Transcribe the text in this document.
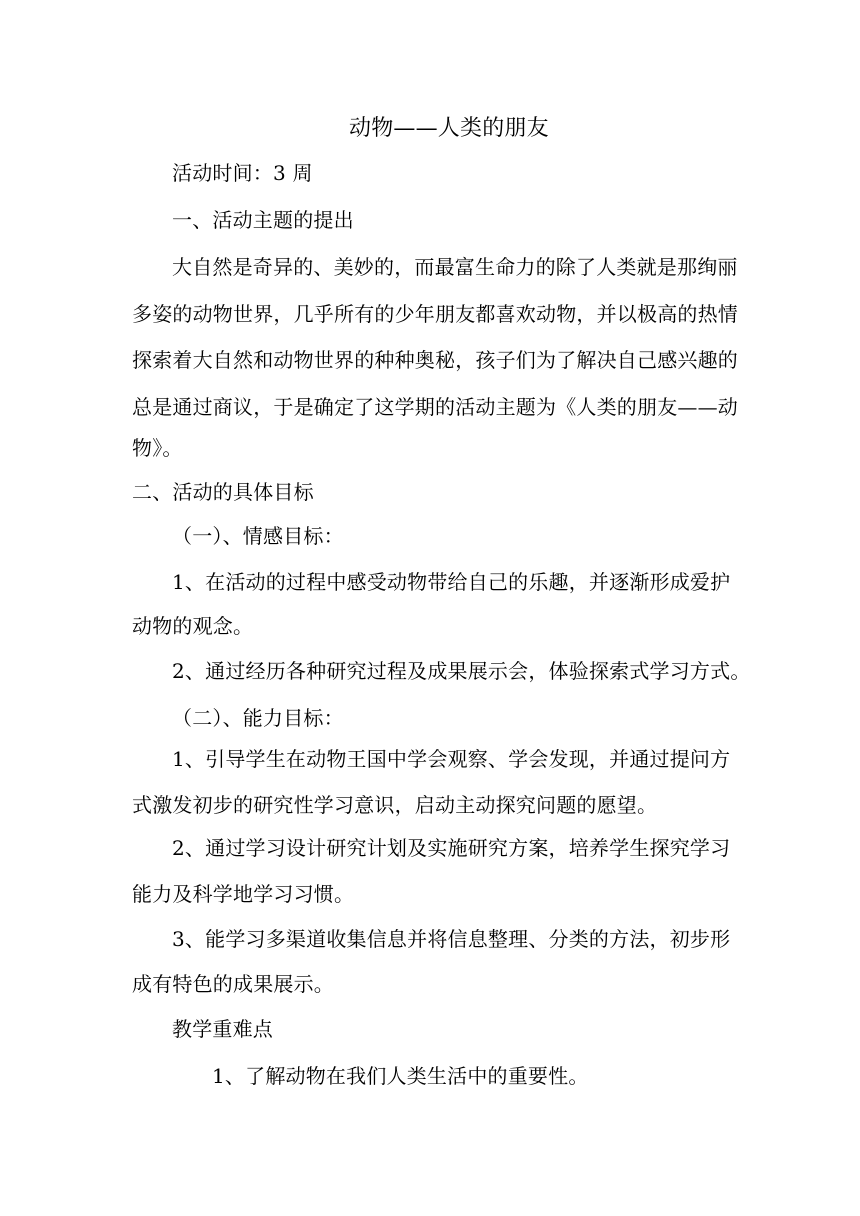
动物——人类的朋友
活动时间：3 周
一、活动主题的提出
大自然是奇异的、美妙的，而最富生命力的除了人类就是那绚丽
多姿的动物世界，几乎所有的少年朋友都喜欢动物，并以极高的热情
探索着大自然和动物世界的种种奥秘，孩子们为了解决自己感兴趣的
总是通过商议，于是确定了这学期的活动主题为《人类的朋友——动
物》。
二、活动的具体目标
（一）、情感目标：
1、在活动的过程中感受动物带给自己的乐趣，并逐渐形成爱护
动物的观念。
2、通过经历各种研究过程及成果展示会，体验探索式学习方式。
（二）、能力目标：
1、引导学生在动物王国中学会观察、学会发现，并通过提问方
式激发初步的研究性学习意识，启动主动探究问题的愿望。
2、通过学习设计研究计划及实施研究方案，培养学生探究学习
能力及科学地学习习惯。
3、能学习多渠道收集信息并将信息整理、分类的方法，初步形
成有特色的成果展示。
教学重难点
1、了解动物在我们人类生活中的重要性。
